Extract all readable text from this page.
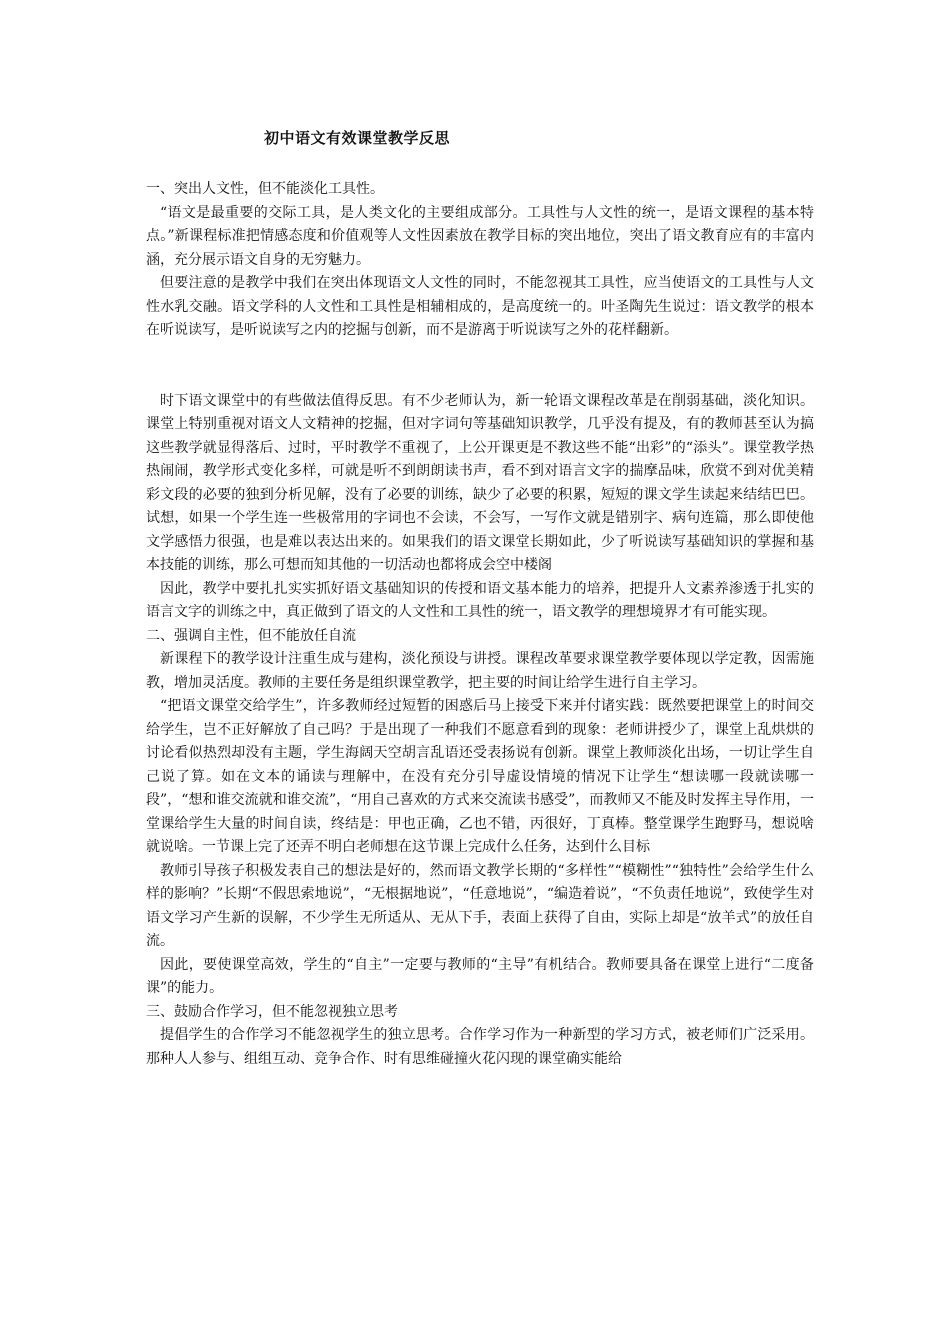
初中语文有效课堂教学反思

一、突出人文性，但不能淡化工具性。

“语文是最重要的交际工具，是人类文化的主要组成部分。工具性与人文性的统一，是语文课程的基本特点。”新课程标准把情感态度和价值观等人文性因素放在教学目标的突出地位，突出了语文教育应有的丰富内涵，充分展示语文自身的无穷魅力。

但要注意的是教学中我们在突出体现语文人文性的同时，不能忽视其工具性，应当使语文的工具性与人文性水乳交融。语文学科的人文性和工具性是相辅相成的，是高度统一的。叶圣陶先生说过：语文教学的根本在听说读写，是听说读写之内的挖掘与创新，而不是游离于听说读写之外的花样翻新。

时下语文课堂中的有些做法值得反思。有不少老师认为，新一轮语文课程改革是在削弱基础，淡化知识。课堂上特别重视对语文人文精神的挖掘，但对字词句等基础知识教学，几乎没有提及，有的教师甚至认为搞这些教学就显得落后、过时，平时教学不重视了，上公开课更是不教这些不能“出彩”的“添头”。课堂教学热热闹闹，教学形式变化多样，可就是听不到朗朗读书声，看不到对语言文字的揣摩品味，欣赏不到对优美精彩文段的必要的独到分析见解，没有了必要的训练，缺少了必要的积累，短短的课文学生读起来结结巴巴。试想，如果一个学生连一些极常用的字词也不会读，不会写，一写作文就是错别字、病句连篇，那么即使他文学感悟力很强，也是难以表达出来的。如果我们的语文课堂长期如此，少了听说读写基础知识的掌握和基本技能的训练，那么可想而知其他的一切活动也都将成会空中楼阁

因此，教学中要扎扎实实抓好语文基础知识的传授和语文基本能力的培养，把提升人文素养渗透于扎实的语言文字的训练之中，真正做到了语文的人文性和工具性的统一，语文教学的理想境界才有可能实现。

二、强调自主性，但不能放任自流

新课程下的教学设计注重生成与建构，淡化预设与讲授。课程改革要求课堂教学要体现以学定教，因需施教，增加灵活度。教师的主要任务是组织课堂教学，把主要的时间让给学生进行自主学习。

“把语文课堂交给学生”，许多教师经过短暂的困惑后马上接受下来并付诸实践：既然要把课堂上的时间交给学生，岂不正好解放了自己吗？于是出现了一种我们不愿意看到的现象：老师讲授少了，课堂上乱烘烘的讨论看似热烈却没有主题，学生海阔天空胡言乱语还受表扬说有创新。课堂上教师淡化出场，一切让学生自己说了算。如在文本的诵读与理解中，在没有充分引导虚设情境的情况下让学生“想读哪一段就读哪一段”，“想和谁交流就和谁交流”，“用自己喜欢的方式来交流读书感受”，而教师又不能及时发挥主导作用，一堂课给学生大量的时间自读，终结是：甲也正确，乙也不错，丙很好，丁真棒。整堂课学生跑野马，想说啥就说啥。一节课上完了还弄不明白老师想在这节课上完成什么任务，达到什么目标

教师引导孩子积极发表自己的想法是好的，然而语文教学长期的“多样性”“模糊性”“独特性”会给学生什么样的影响？”长期“不假思索地说”，“无根据地说”，“任意地说”，“编造着说”，“不负责任地说”，致使学生对语文学习产生新的误解，不少学生无所适从、无从下手，表面上获得了自由，实际上却是“放羊式”的放任自流。

因此，要使课堂高效，学生的“自主”一定要与教师的“主导”有机结合。教师要具备在课堂上进行“二度备课”的能力。

三、鼓励合作学习，但不能忽视独立思考

提倡学生的合作学习不能忽视学生的独立思考。合作学习作为一种新型的学习方式，被老师们广泛采用。那种人人参与、组组互动、竞争合作、时有思维碰撞火花闪现的课堂确实能给
